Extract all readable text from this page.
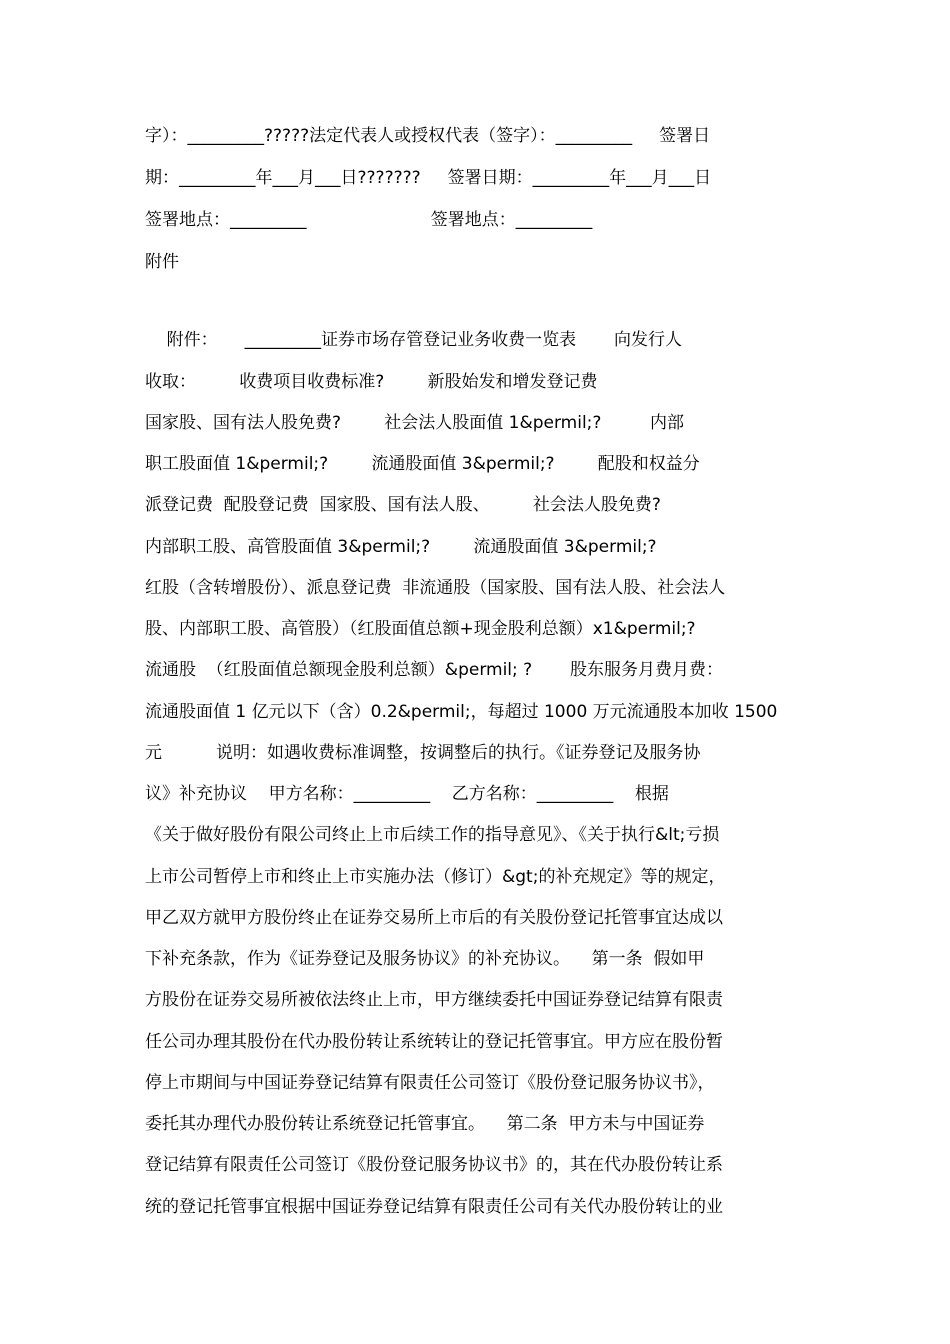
字）：_________?????法定代表人或授权代表（签字）：_________     签署日
期：_________年___月___日???????     签署日期：_________年___月___日
签署地点：_________                       签署地点：_________
附件
附件：     _________证券市场存管登记业务收费一览表       向发行人
收取：        收费项目收费标准?        新股始发和增发登记费
国家股、国有法人股免费?        社会法人股面值 1&permil;?         内部
职工股面值 1&permil;?        流通股面值 3&permil;?        配股和权益分
派登记费  配股登记费  国家股、国有法人股、        社会法人股免费?
内部职工股、高管股面值 3&permil;?        流通股面值 3&permil;?
红股（含转增股份）、派息登记费  非流通股（国家股、国有法人股、社会法人
股、内部职工股、高管股）（红股面值总额+现金股利总额）x1&permil;?
流通股  （红股面值总额现金股利总额）&permil; ?       股东服务月费月费：
流通股面值 1 亿元以下（含）0.2&permil;，每超过 1000 万元流通股本加收 1500
元          说明：如遇收费标准调整，按调整后的执行。《证券登记及服务协
议》补充协议    甲方名称：_________    乙方名称：_________    根据
《关于做好股份有限公司终止上市后续工作的指导意见》、《关于执行&lt;亏损
上市公司暂停上市和终止上市实施办法（修订）&gt;的补充规定》等的规定，
甲乙双方就甲方股份终止在证券交易所上市后的有关股份登记托管事宜达成以
下补充条款，作为《证券登记及服务协议》的补充协议。    第一条  假如甲
方股份在证券交易所被依法终止上市，甲方继续委托中国证券登记结算有限责
任公司办理其股份在代办股份转让系统转让的登记托管事宜。甲方应在股份暂
停上市期间与中国证券登记结算有限责任公司签订《股份登记服务协议书》，
委托其办理代办股份转让系统登记托管事宜。    第二条  甲方未与中国证券
登记结算有限责任公司签订《股份登记服务协议书》的，其在代办股份转让系
统的登记托管事宜根据中国证券登记结算有限责任公司有关代办股份转让的业
